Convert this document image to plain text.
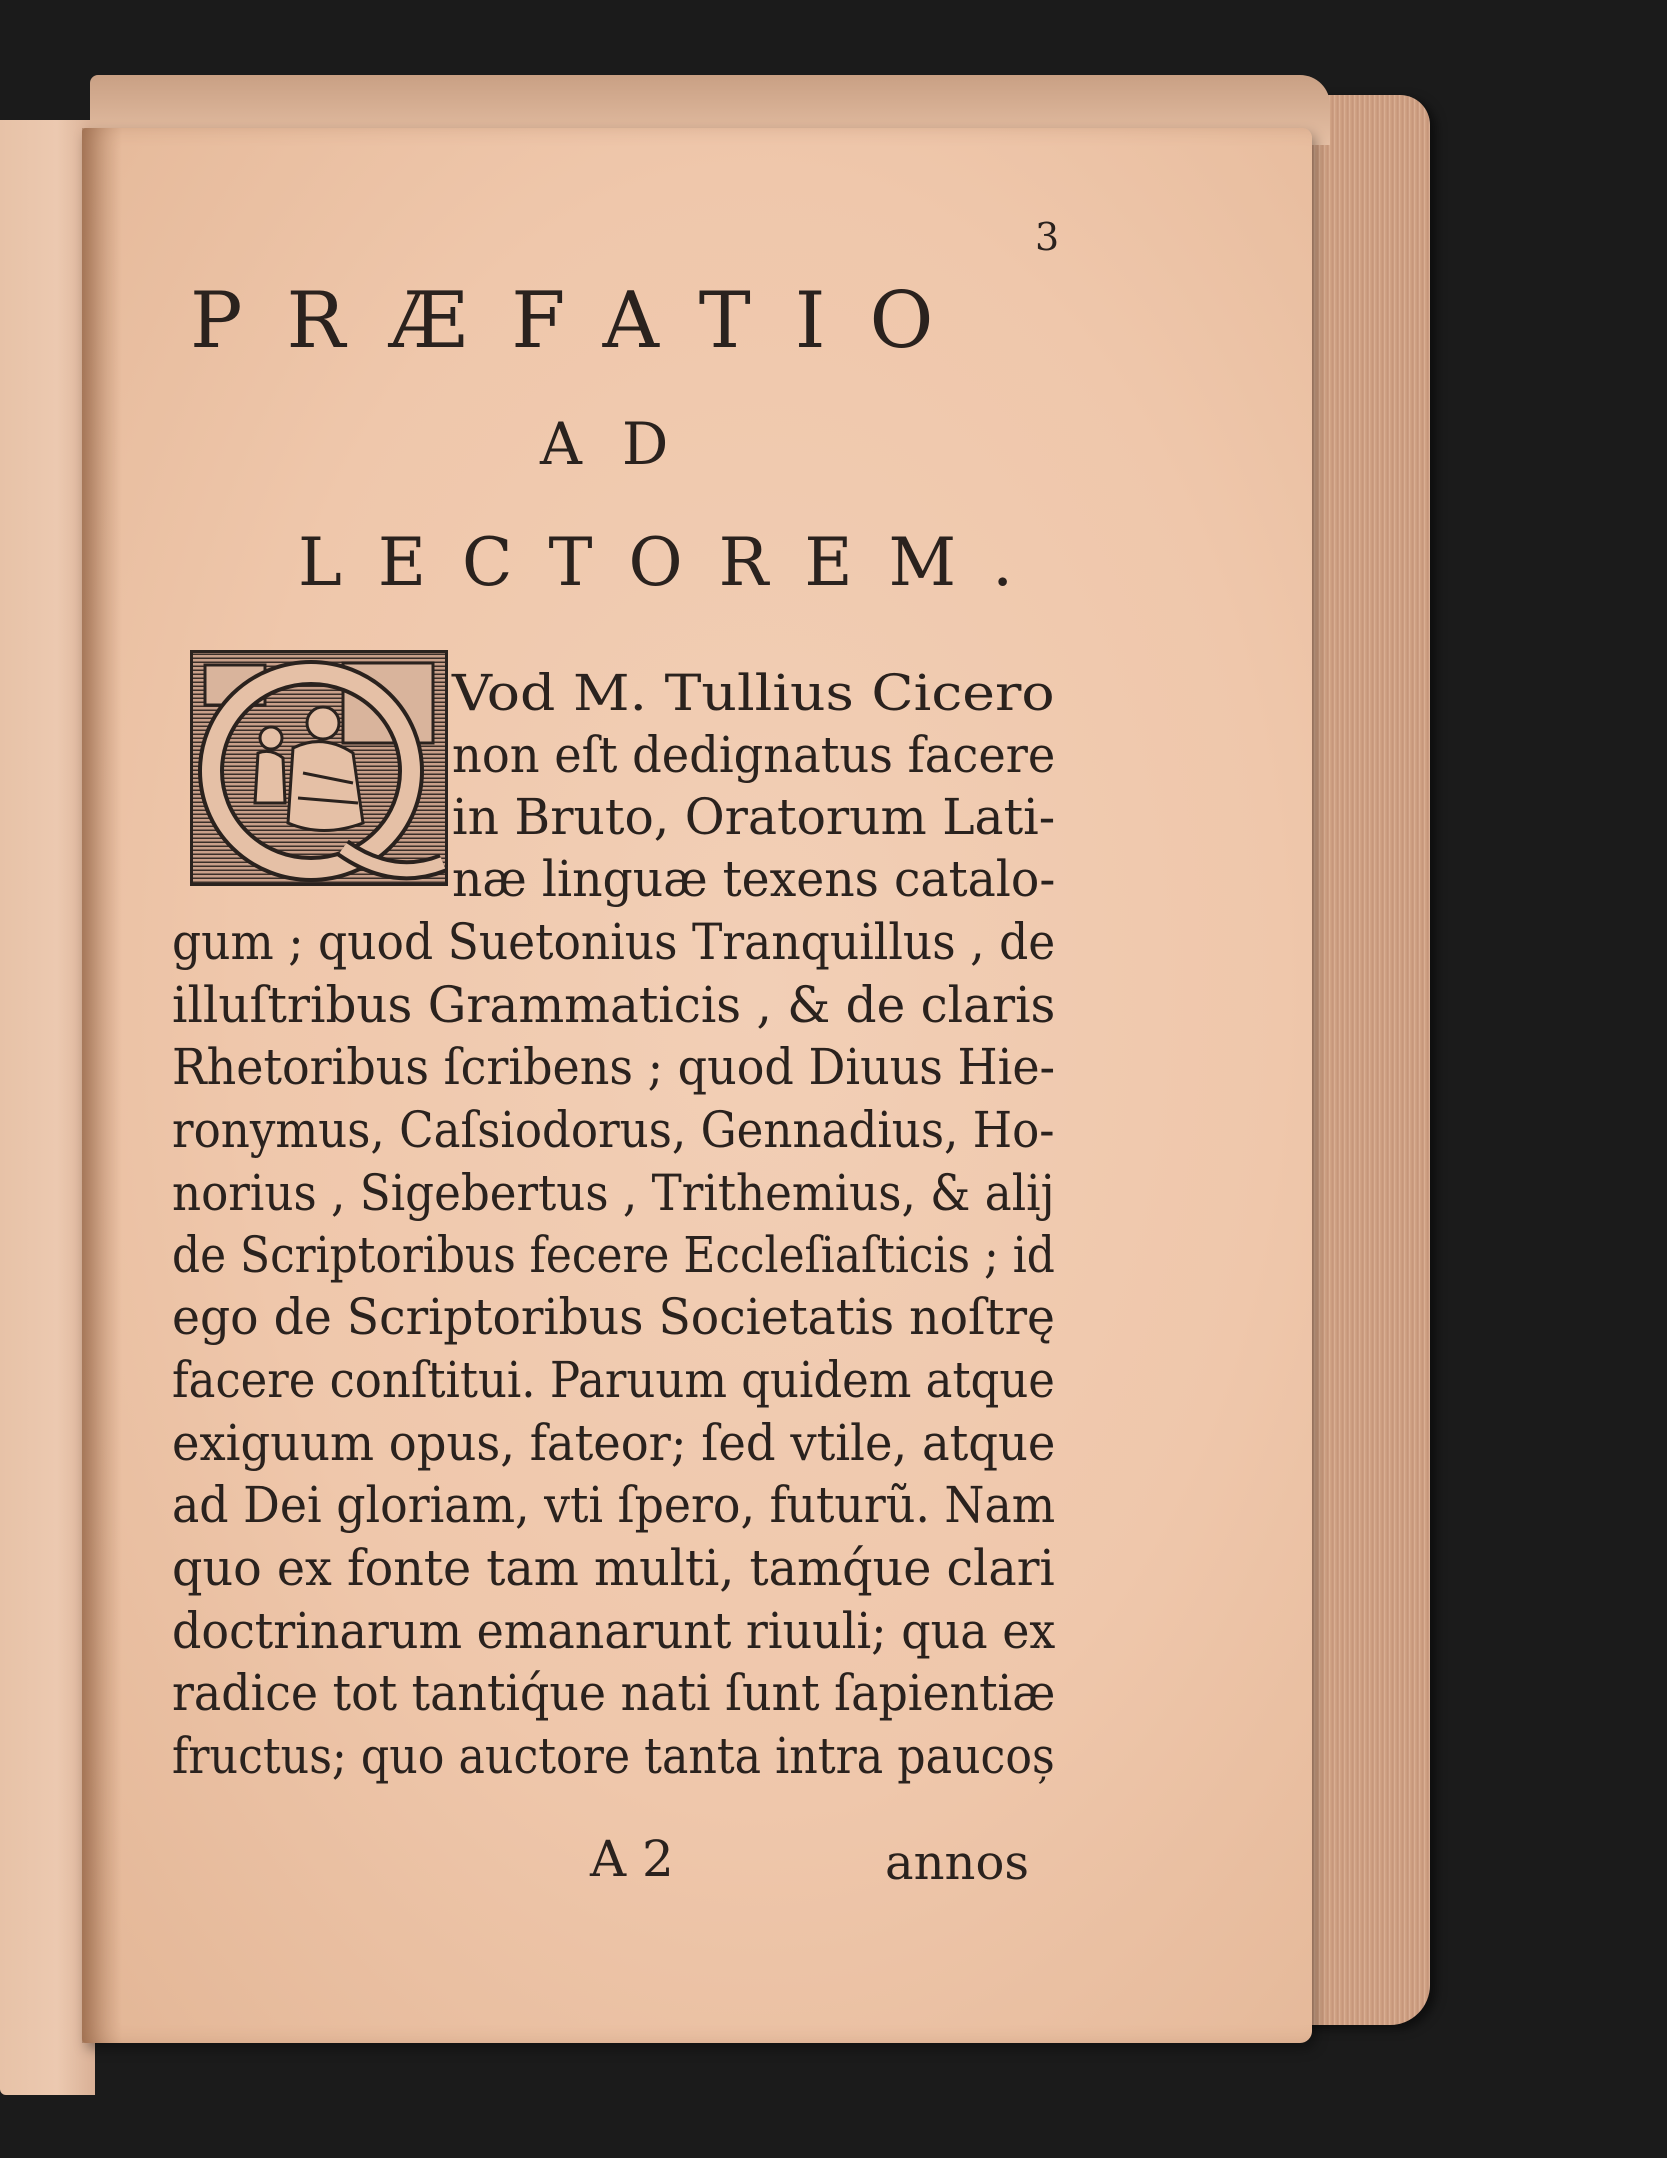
3
PRÆFATIO
AD
LECTOREM.
Vod M. Tullius Cicero
non eſt dedignatus facere
in Bruto, Oratorum Lati-
næ linguæ texens catalo-
gum ; quod Suetonius Tranquillus , de
illuſtribus Grammaticis , & de claris
Rhetoribus ſcribens ; quod Diuus Hie-
ronymus, Caſsiodorus, Gennadius, Ho-
norius , Sigebertus , Trithemius, & alij
de Scriptoribus fecere Eccleſiaſticis ; id
ego de Scriptoribus Societatis noſtrę
facere conſtitui. Paruum quidem atque
exiguum opus, fateor; ſed vtile, atque
ad Dei gloriam, vti ſpero, futurũ. Nam
quo ex fonte tam multi, tamq́ue clari
doctrinarum emanarunt riuuli; qua ex
radice tot tantiq́ue nati ſunt ſapientiæ
fructus; quo auctore tanta intra paucoș
A 2	annos
